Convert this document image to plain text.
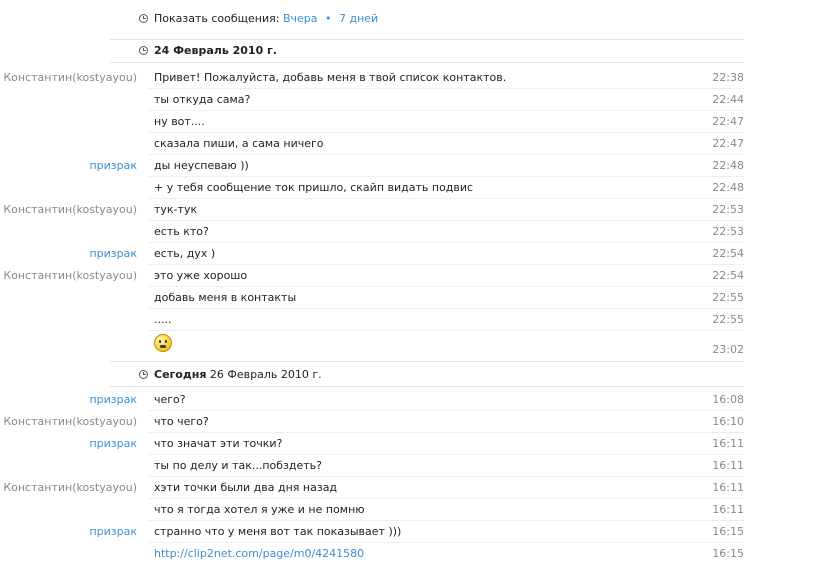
Показать сообщения: Вчера • 7 дней
24 Февраль 2010 г.
Константин(kostyayou) Привет! Пожалуйста, добавь меня в твой список контактов.	22:38
ты откуда сама?	22:44
ну вот....	22:47
сказала пиши, а сама ничего	22:47
призрак ды неуспеваю ))	22:48
+ у тебя сообщение ток пришло, скайп видать подвис	22:48
Константин(kostyayou) тук-тук	22:53
есть кто?	22:53
призрак есть, дух )	22:54
Константин(kostyayou) это уже хорошо	22:54
добавь меня в контакты	22:55
.....	22:55
23:02
Сегодня 26 Февраль 2010 г.
призрак чего?	16:08
Константин(kostyayou) что чего?	16:10
призрак что значат эти точки?	16:11
ты по делу и так...побздеть?	16:11
Константин(kostyayou) хэти точки были два дня назад	16:11
что я тогда хотел я уже и не помню	16:11
призрак странно что у меня вот так показывает )))	16:15
http://clip2net.com/page/m0/4241580	16:15
